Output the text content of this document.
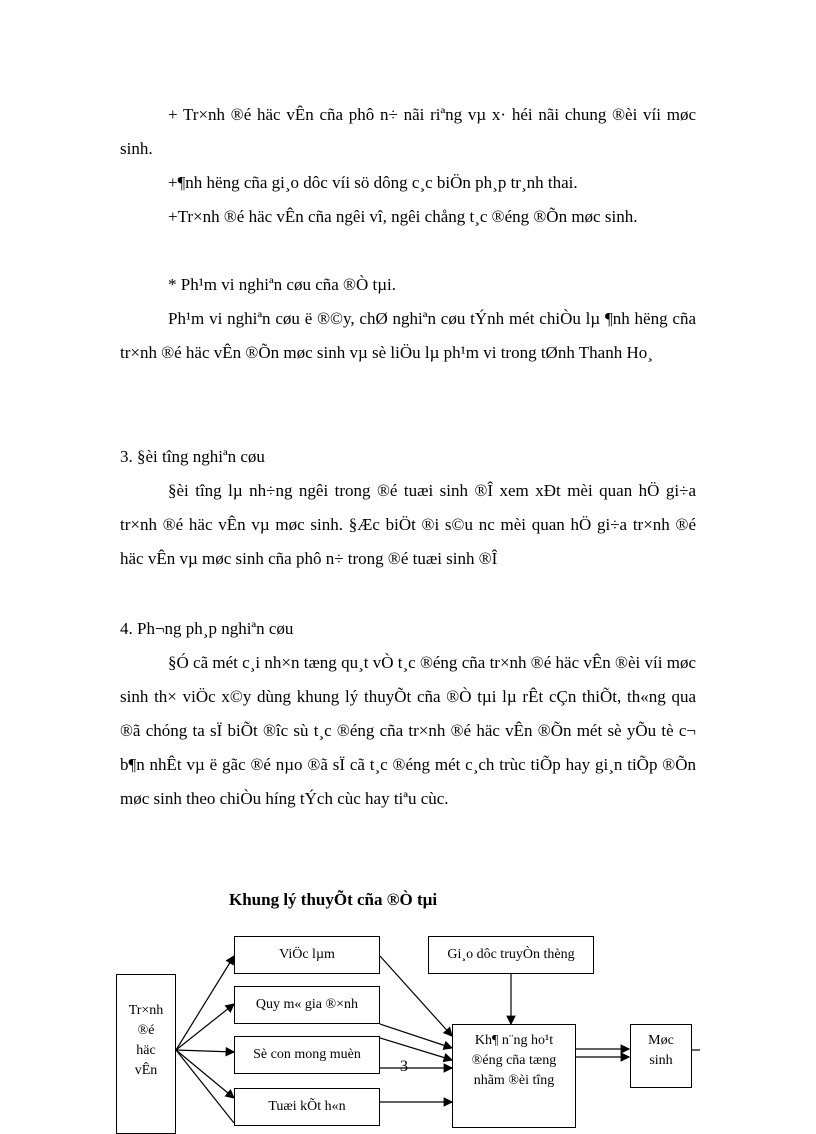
+ Tr×nh ®é häc vÊn cña phô n÷ nãi riªng vµ x· héi nãi chung ®èi víi møc sinh.
+¶nh hëng cña gi¸o dôc víi sö dông c¸c biÖn ph¸p tr¸nh thai.
+Tr×nh ®é häc vÊn cña ngêi vî, ngêi chång t¸c ®éng ®Õn møc sinh.
* Ph¹m vi nghiªn cøu cña ®Ò tµi.
Ph¹m vi nghiªn cøu ë ®©y, chØ nghiªn cøu tÝnh mét chiÒu lµ ¶nh hëng cña tr×nh ®é häc vÊn ®Õn møc sinh vµ sè liÖu lµ ph¹m vi trong tØnh Thanh Ho¸
3. §èi tîng nghiªn cøu
§èi tîng lµ nh÷ng ngêi trong ®é tuæi sinh ®Î xem xÐt mèi quan hÖ gi÷a tr×nh ®é häc vÊn vµ møc sinh. §Æc biÖt ®i s©u nc mèi quan hÖ gi÷a tr×nh ®é häc vÊn vµ møc sinh cña phô n÷ trong ®é tuæi sinh ®Î
4. Ph¬ng ph¸p nghiªn cøu
§Ó cã mét c¸i nh×n tæng qu¸t vÒ t¸c ®éng cña tr×nh ®é häc vÊn ®èi víi møc sinh th× viÖc x©y dùng khung lý thuyÕt cña ®Ò tµi lµ rÊt cÇn thiÕt, th«ng qua ®ã chóng ta sÏ biÕt ®îc sù t¸c ®éng cña tr×nh ®é häc vÊn ®Õn mét sè yÕu tè c¬ b¶n nhÊt vµ ë gãc ®é nµo ®ã sÏ cã t¸c ®éng mét c¸ch trùc tiÕp hay gi¸n tiÕp ®Õn møc sinh theo chiÒu híng tÝch cùc hay tiªu cùc.
Khung lý thuyÕt cña ®Ò tµi
Tr×nh
®é
häc
vÊn
ViÖc lµm
Quy m« gia ®×nh
Sè con mong muèn
Tuæi kÕt h«n
Gi¸o dôc truyÒn thèng
Kh¶ n¨ng ho¹t
®éng cña tæng
nhãm ®èi tîng
Møc
sinh
3
